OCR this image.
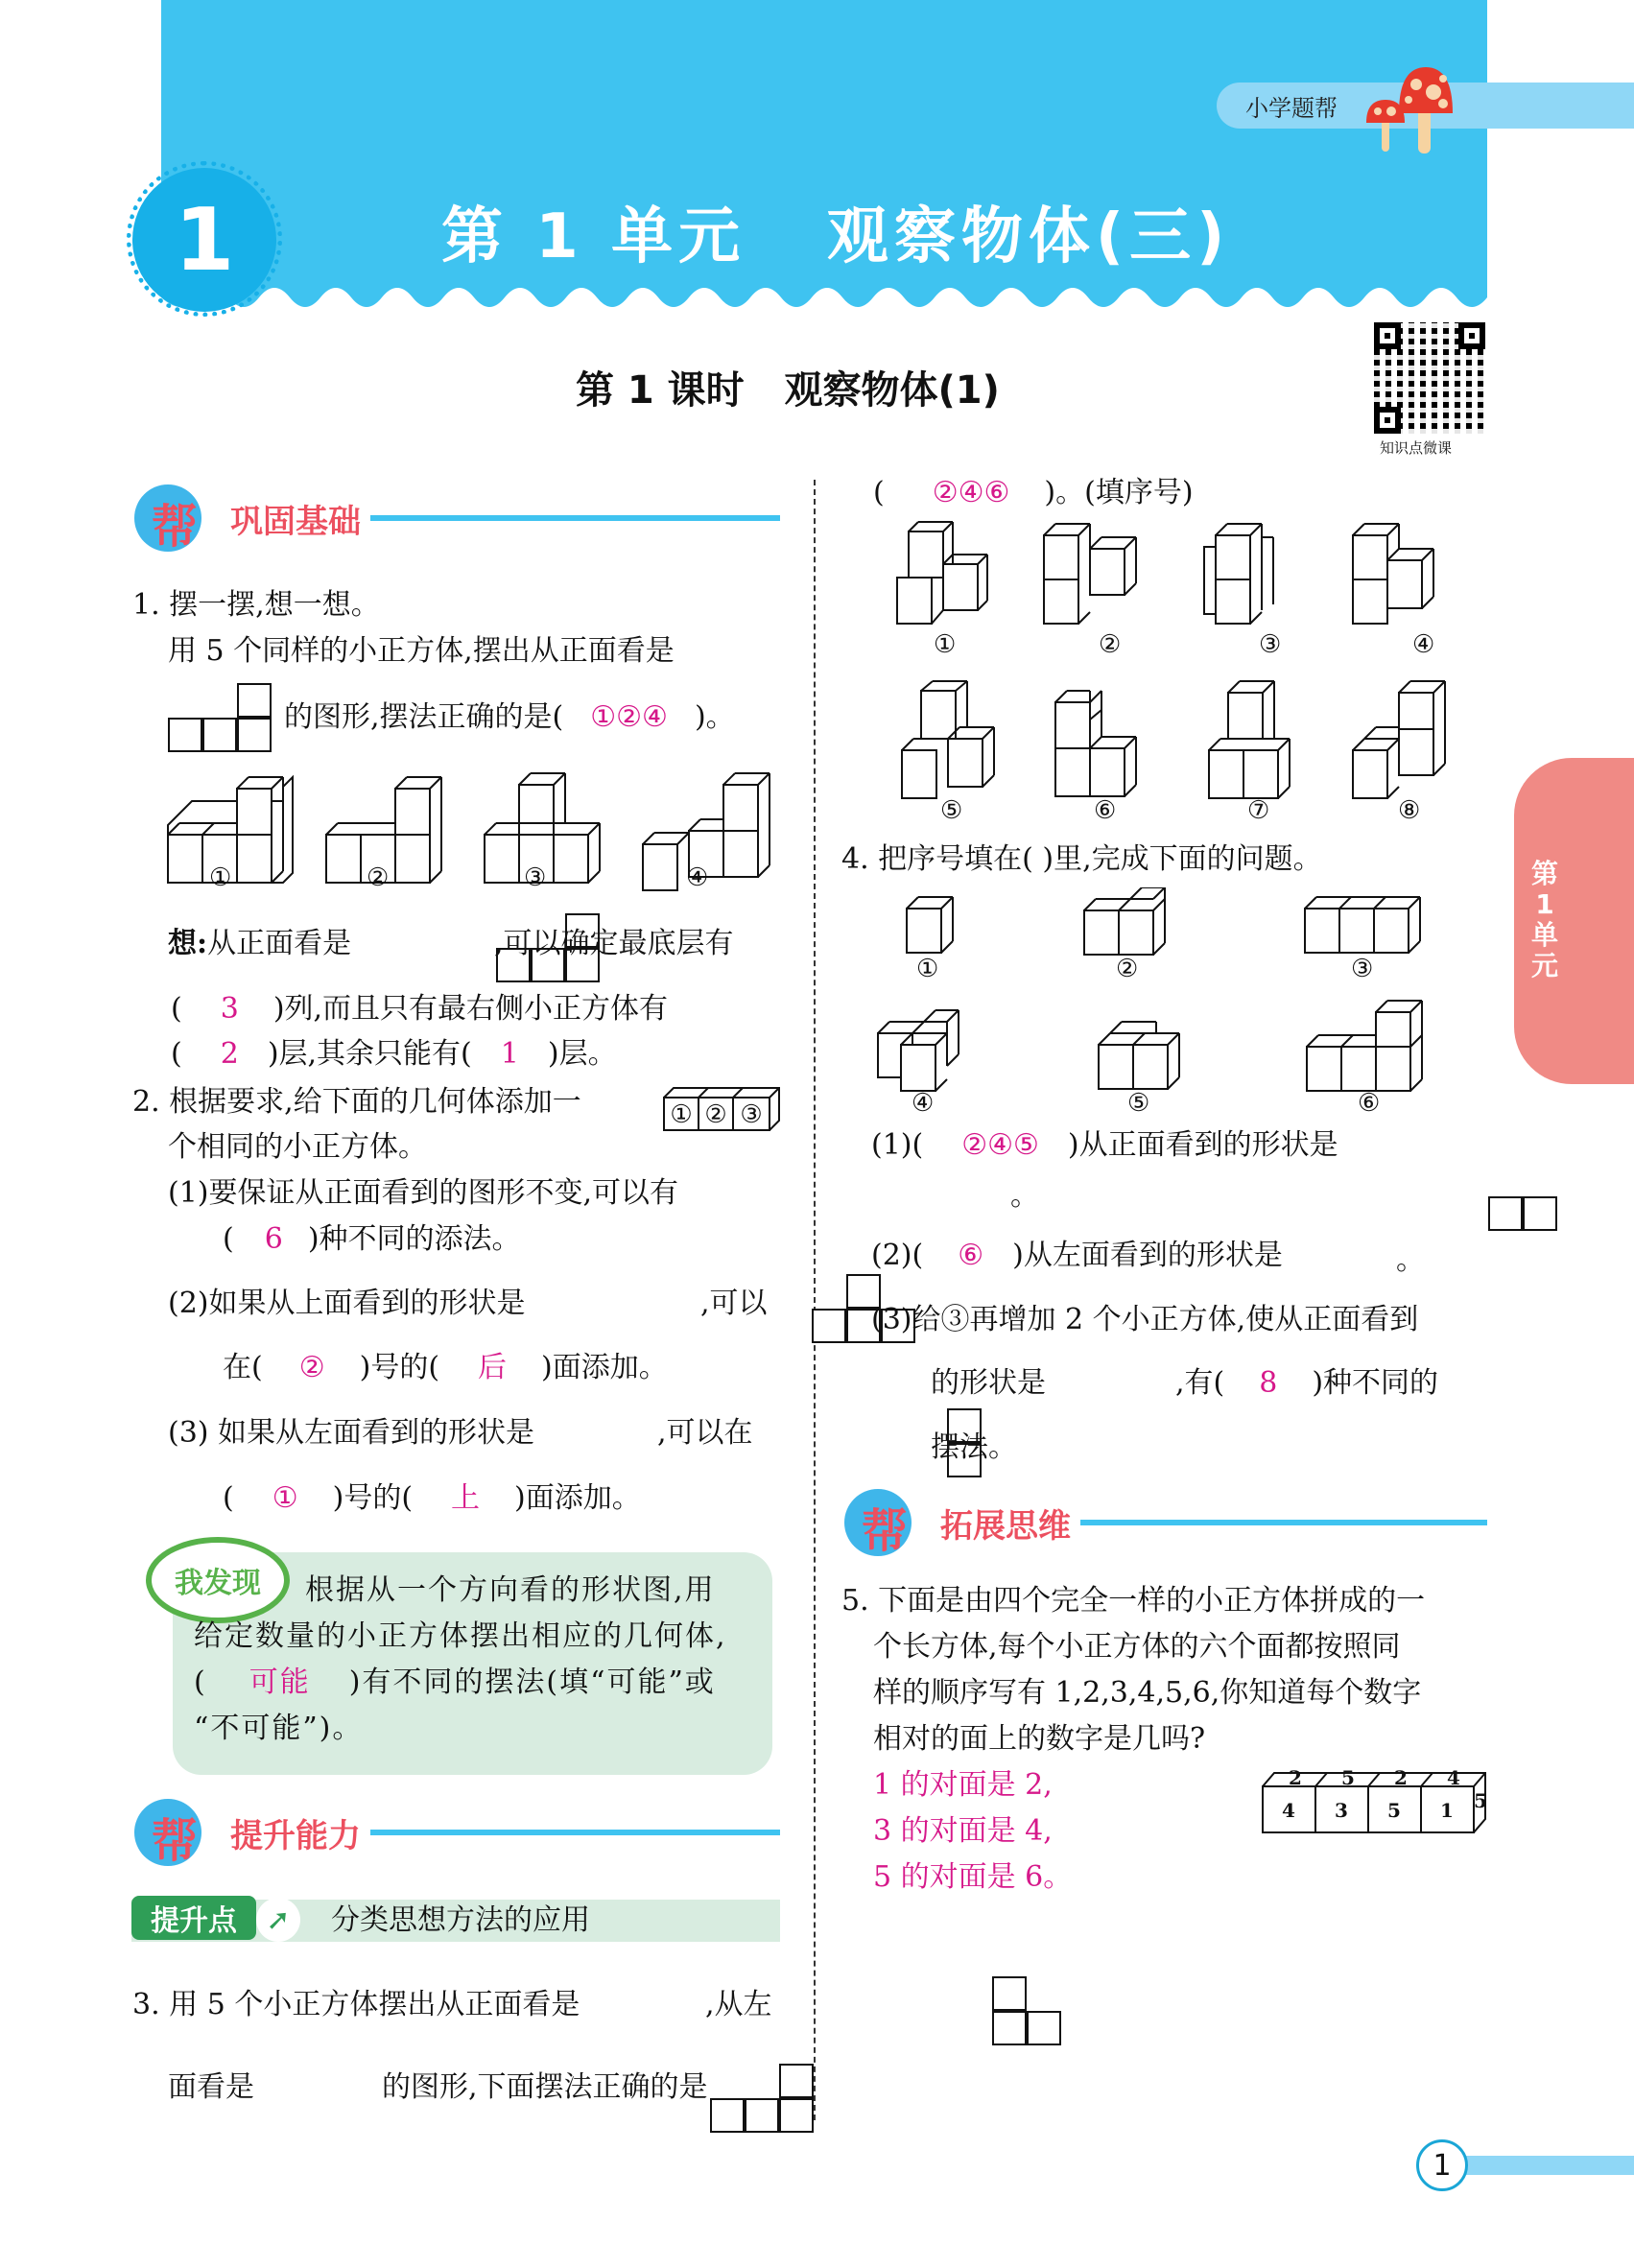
1	第 1 单元   观察物体(三)
小学题帮
第 1 课时   观察物体(1)
知识点微课
第1单元
帮 巩固基础
1. 摆一摆,想一想。
用 5 个同样的小正方体,摆出从正面看是

的图形,摆法正确的是( ①②④ )。
①	②	③	④
想:从正面看是
	,可以确定最底层有
( 3 )列,而且只有最右侧小正方体有
( 2 )层,其余只能有( 1 )层。
2. 根据要求,给下面的几何体添加一
个相同的小正方体。
① ② ③
(1)要保证从正面看到的图形不变,可以有
( 6 )种不同的添法。
(2)如果从上面看到的形状是
	,可以
在( ② )号的( 后 )面添加。
(3) 如果从左面看到的形状是
	,可以在
( ① )号的( 上 )面添加。
我发现	根据从一个方向看的形状图,用
给定数量的小正方体摆出相应的几何体,
( 可能 )有不同的摆法(填“可能”或
“不可能”)。
帮 提升能力
提升点	➚	分类思想方法的应用
3. 用 5 个小正方体摆出从正面看是
	,从左
面看是
	的图形,下面摆法正确的是
( ②④⑥ )。(填序号)
①	②	③	④
⑤	⑥	⑦	⑧
4. 把序号填在( )里,完成下面的问题。
①	②	③
④	⑤	⑥
(1)( ②④⑤ )从正面看到的形状是

。
(2)( ⑥ )从左面看到的形状是
	。
(3)给③再增加 2 个小正方体,使从正面看到
的形状是	,有( 8 )种不同的
摆法。
帮 拓展思维
5. 下面是由四个完全一样的小正方体拼成的一
个长方体,每个小正方体的六个面都按照同
样的顺序写有 1,2,3,4,5,6,你知道每个数字
相对的面上的数字是几吗?
1 的对面是 2,
3 的对面是 4,
5 的对面是 6。
2 5 2 4
4 3 5 1 5
1
